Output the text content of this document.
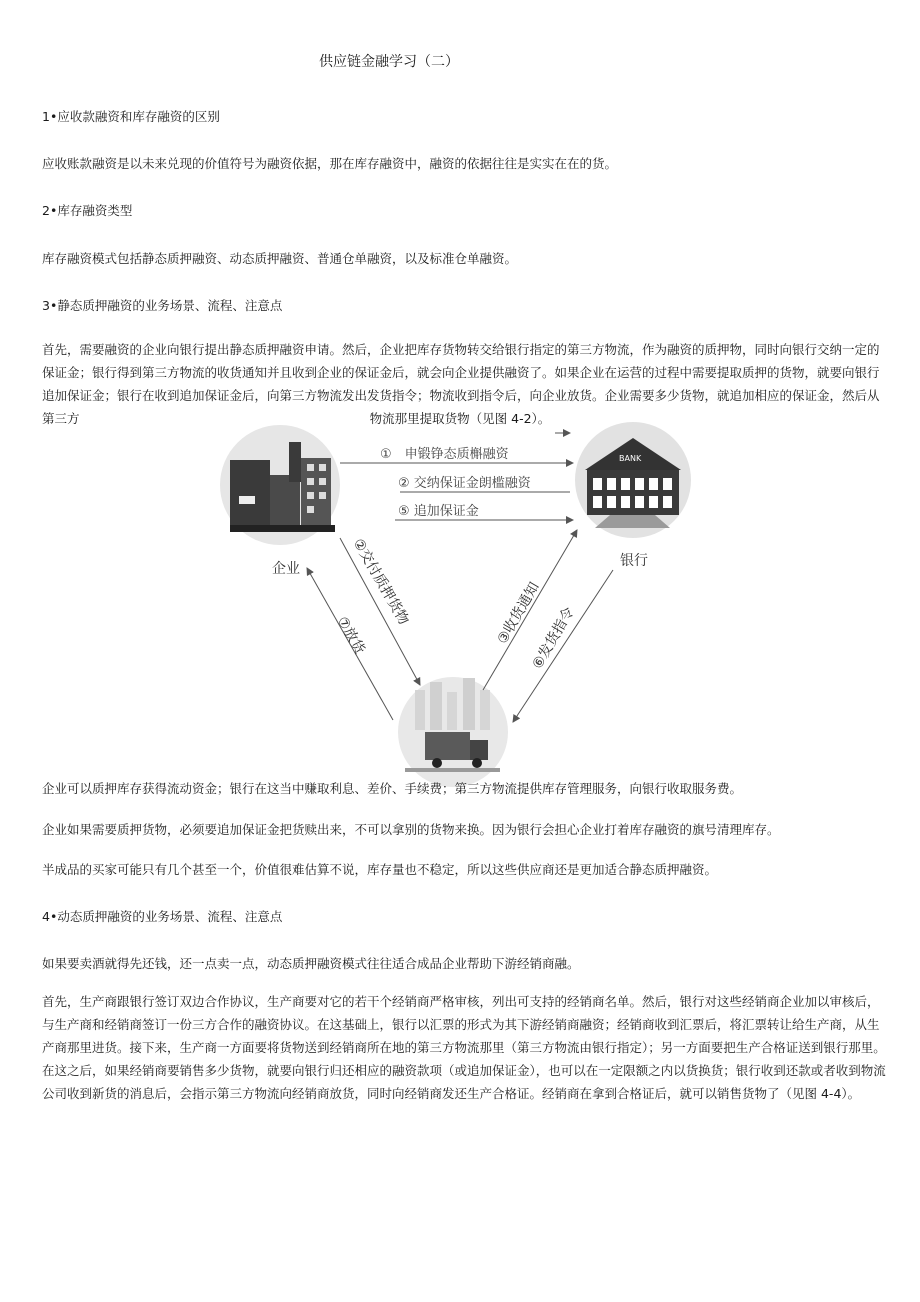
供应链金融学习（二）
1•应收款融资和库存融资的区别
应收账款融资是以未来兑现的价值符号为融资依据，那在库存融资中，融资的依据往往是实实在在的货。
2•库存融资类型
库存融资模式包括静态质押融资、动态质押融资、普通仓单融资，以及标准仓单融资。
3•静态质押融资的业务场景、流程、注意点
首先，需要融资的企业向银行提出静态质押融资申请。然后，企业把库存货物转交给银行指定的第三方物流，作为融资的质押物，同时向银行交纳一定的保证金；银行得到第三方物流的收货通知并且收到企业的保证金后，就会向企业提供融资了。如果企业在运营的过程中需要提取质押的货物，就要向银行追加保证金；银行在收到追加保证金后，向第三方物流发出发货指令；物流收到指令后，向企业放货。企业需要多少货物，就追加相应的保证金，然后从第三方	物流那里提取货物（见图 4-2）。
企业
BANK
银行
①　申锻铮态质槲融资
② 交纳保证金朗槛融资
⑤ 追加保证金
②交付质押货物
⑦放货	③收货通知
⑥发货指令
企业可以质押库存获得流动资金；银行在这当中赚取利息、差价、手续费；第三方物流提供库存管理服务，向银行收取服务费。
企业如果需要质押货物，必须要追加保证金把货赎出来，不可以拿别的货物来换。因为银行会担心企业打着库存融资的旗号清理库存。
半成品的买家可能只有几个甚至一个，价值很难估算不说，库存量也不稳定，所以这些供应商还是更加适合静态质押融资。
4•动态质押融资的业务场景、流程、注意点
如果要卖酒就得先还钱，还一点卖一点，动态质押融资模式往往适合成品企业帮助下游经销商融。
首先，生产商跟银行签订双边合作协议，生产商要对它的若干个经销商严格审核，列出可支持的经销商名单。然后，银行对这些经销商企业加以审核后，与生产商和经销商签订一份三方合作的融资协议。在这基础上，银行以汇票的形式为其下游经销商融资；经销商收到汇票后，将汇票转让给生产商，从生产商那里进货。接下来，生产商一方面要将货物送到经销商所在地的第三方物流那里（第三方物流由银行指定）；另一方面要把生产合格证送到银行那里。在这之后，如果经销商要销售多少货物，就要向银行归还相应的融资款项（或追加保证金），也可以在一定限额之内以货换货；银行收到还款或者收到物流公司收到新货的消息后，会指示第三方物流向经销商放货，同时向经销商发还生产合格证。经销商在拿到合格证后，就可以销售货物了（见图 4-4）。
